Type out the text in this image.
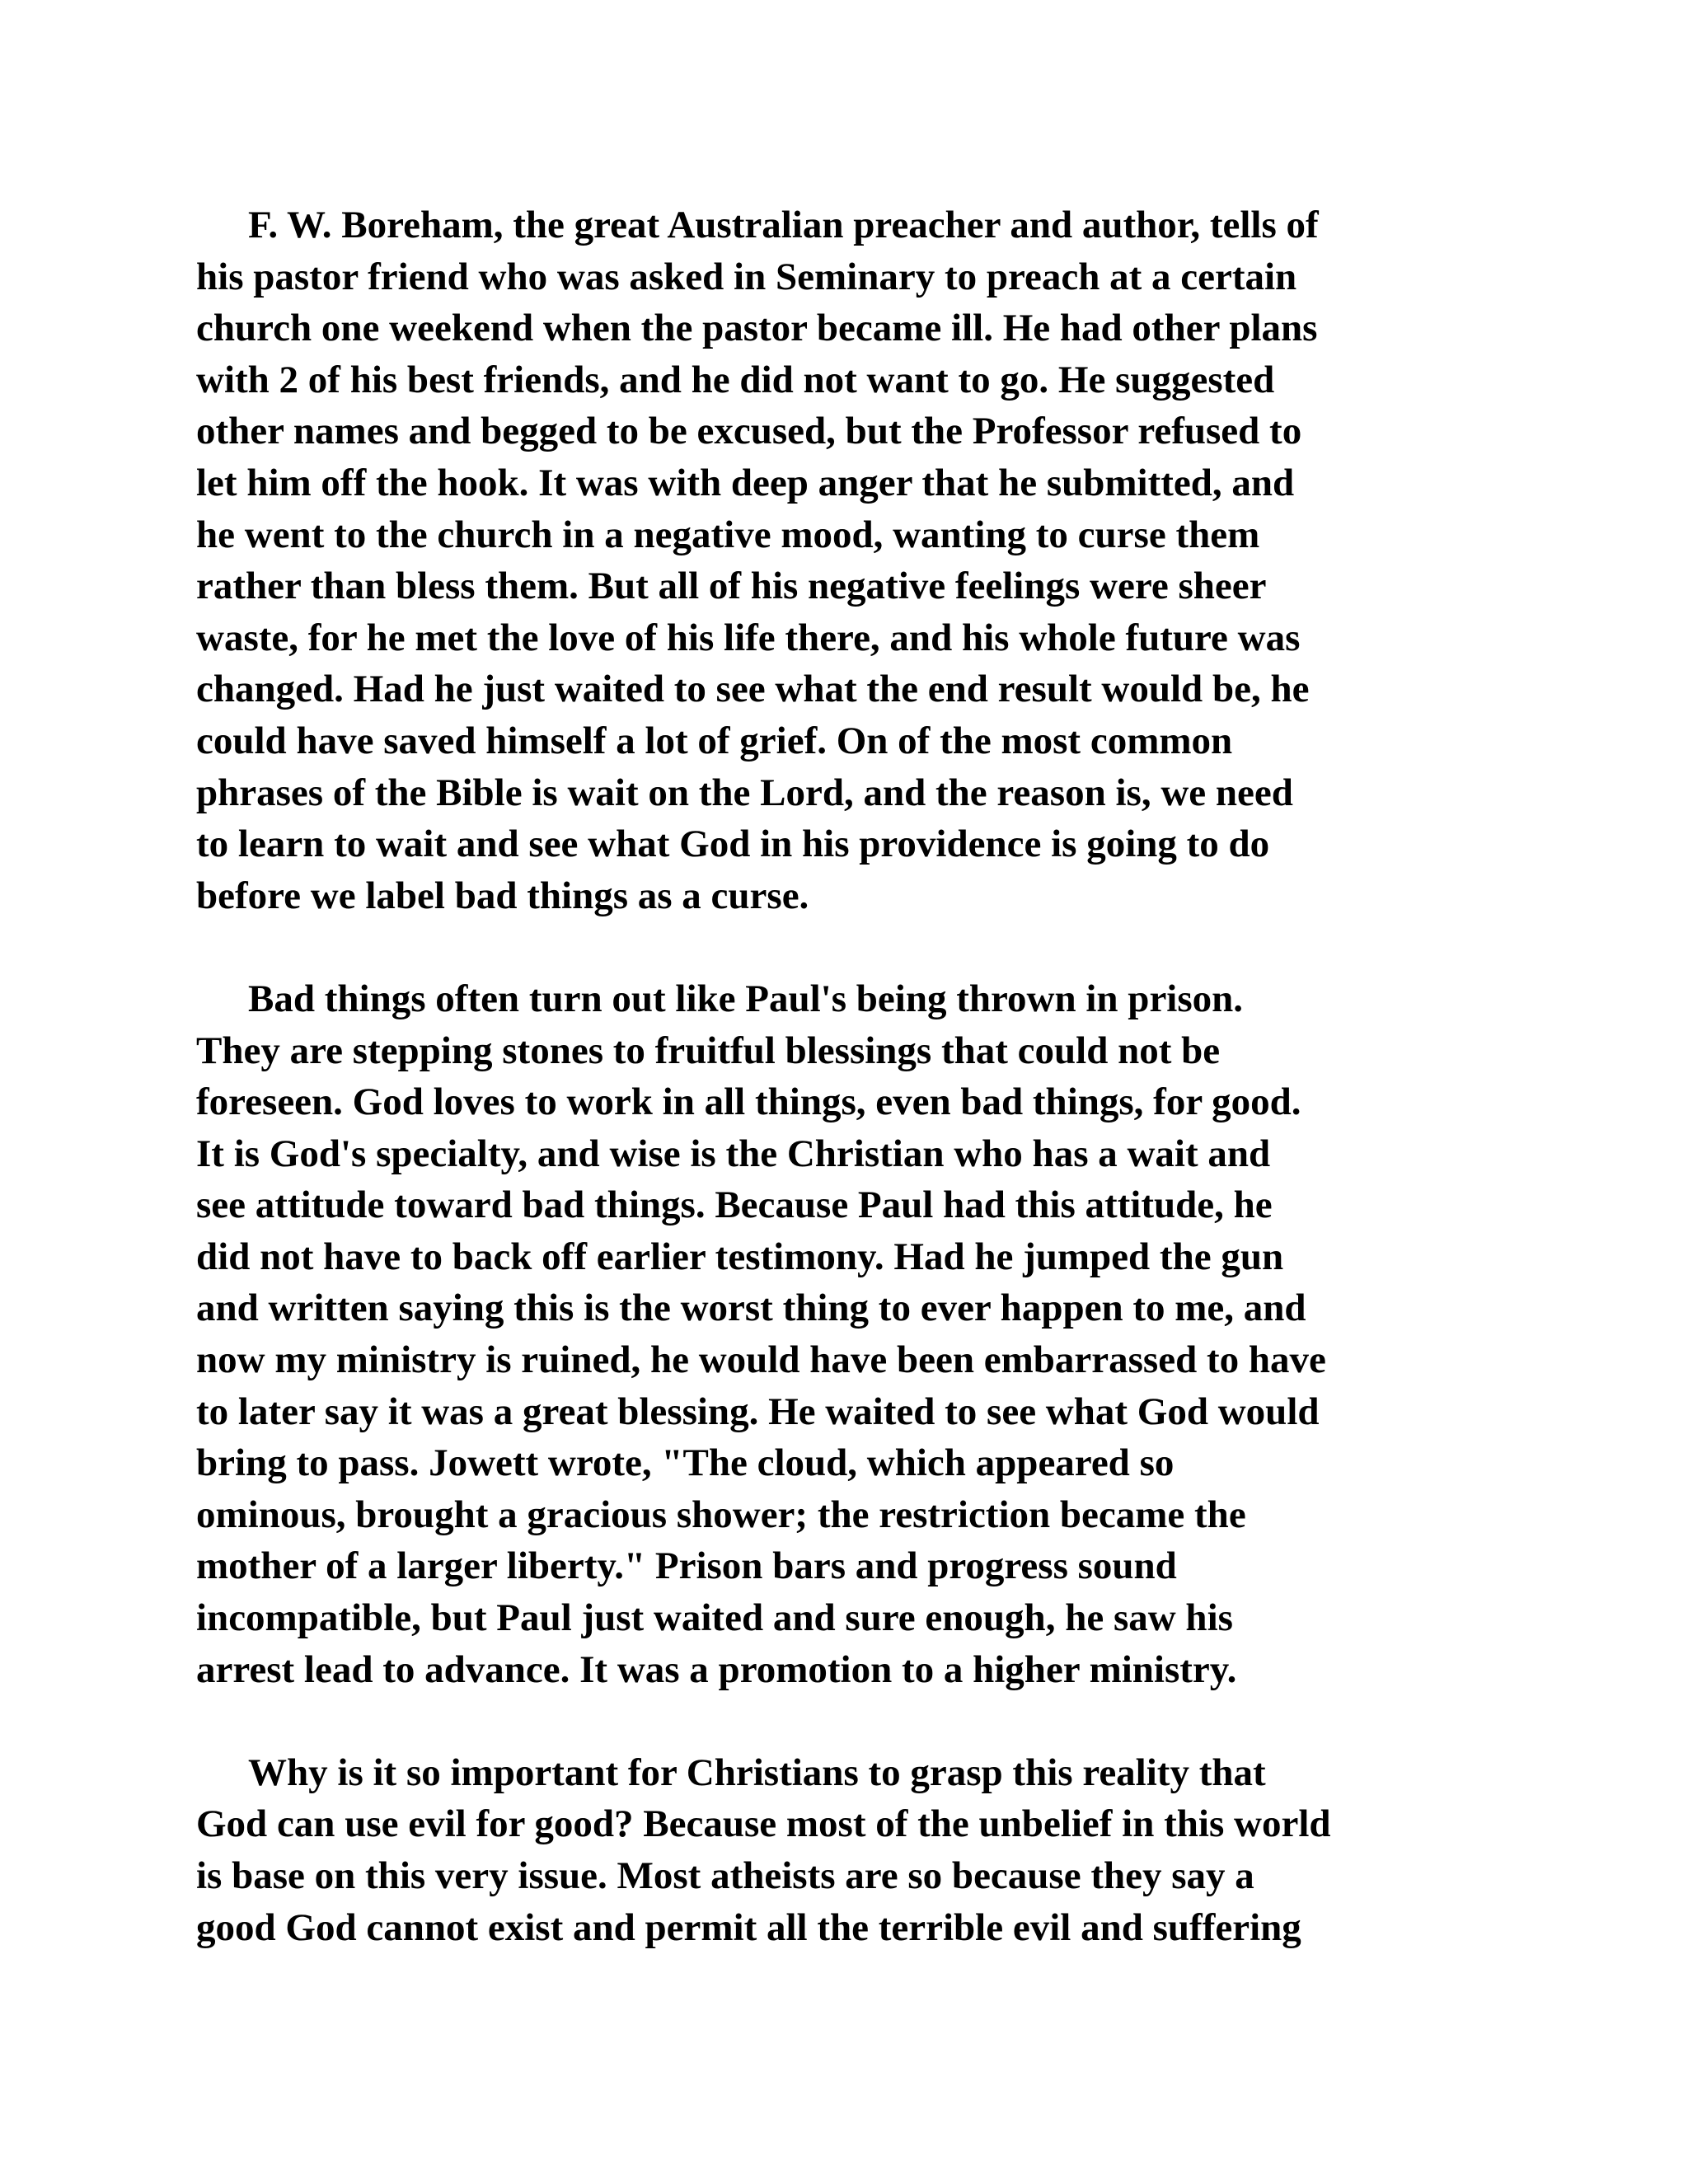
F. W. Boreham, the great Australian preacher and author, tells of
his pastor friend who was asked in Seminary to preach at a certain
church one weekend when the pastor became ill. He had other plans
with 2 of his best friends, and he did not want to go. He suggested
other names and begged to be excused, but the Professor refused to
let him off the hook. It was with deep anger that he submitted, and
he went to the church in a negative mood, wanting to curse them
rather than bless them. But all of his negative feelings were sheer
waste, for he met the love of his life there, and his whole future was
changed. Had he just waited to see what the end result would be, he
could have saved himself a lot of grief. On of the most common
phrases of the Bible is wait on the Lord, and the reason is, we need
to learn to wait and see what God in his providence is going to do
before we label bad things as a curse.

Bad things often turn out like Paul's being thrown in prison.
They are stepping stones to fruitful blessings that could not be
foreseen. God loves to work in all things, even bad things, for good.
It is God's specialty, and wise is the Christian who has a wait and
see attitude toward bad things. Because Paul had this attitude, he
did not have to back off earlier testimony. Had he jumped the gun
and written saying this is the worst thing to ever happen to me, and
now my ministry is ruined, he would have been embarrassed to have
to later say it was a great blessing. He waited to see what God would
bring to pass. Jowett wrote, "The cloud, which appeared so
ominous, brought a gracious shower; the restriction became the
mother of a larger liberty." Prison bars and progress sound
incompatible, but Paul just waited and sure enough, he saw his
arrest lead to advance. It was a promotion to a higher ministry.

Why is it so important for Christians to grasp this reality that
God can use evil for good? Because most of the unbelief in this world
is base on this very issue. Most atheists are so because they say a
good God cannot exist and permit all the terrible evil and suffering
